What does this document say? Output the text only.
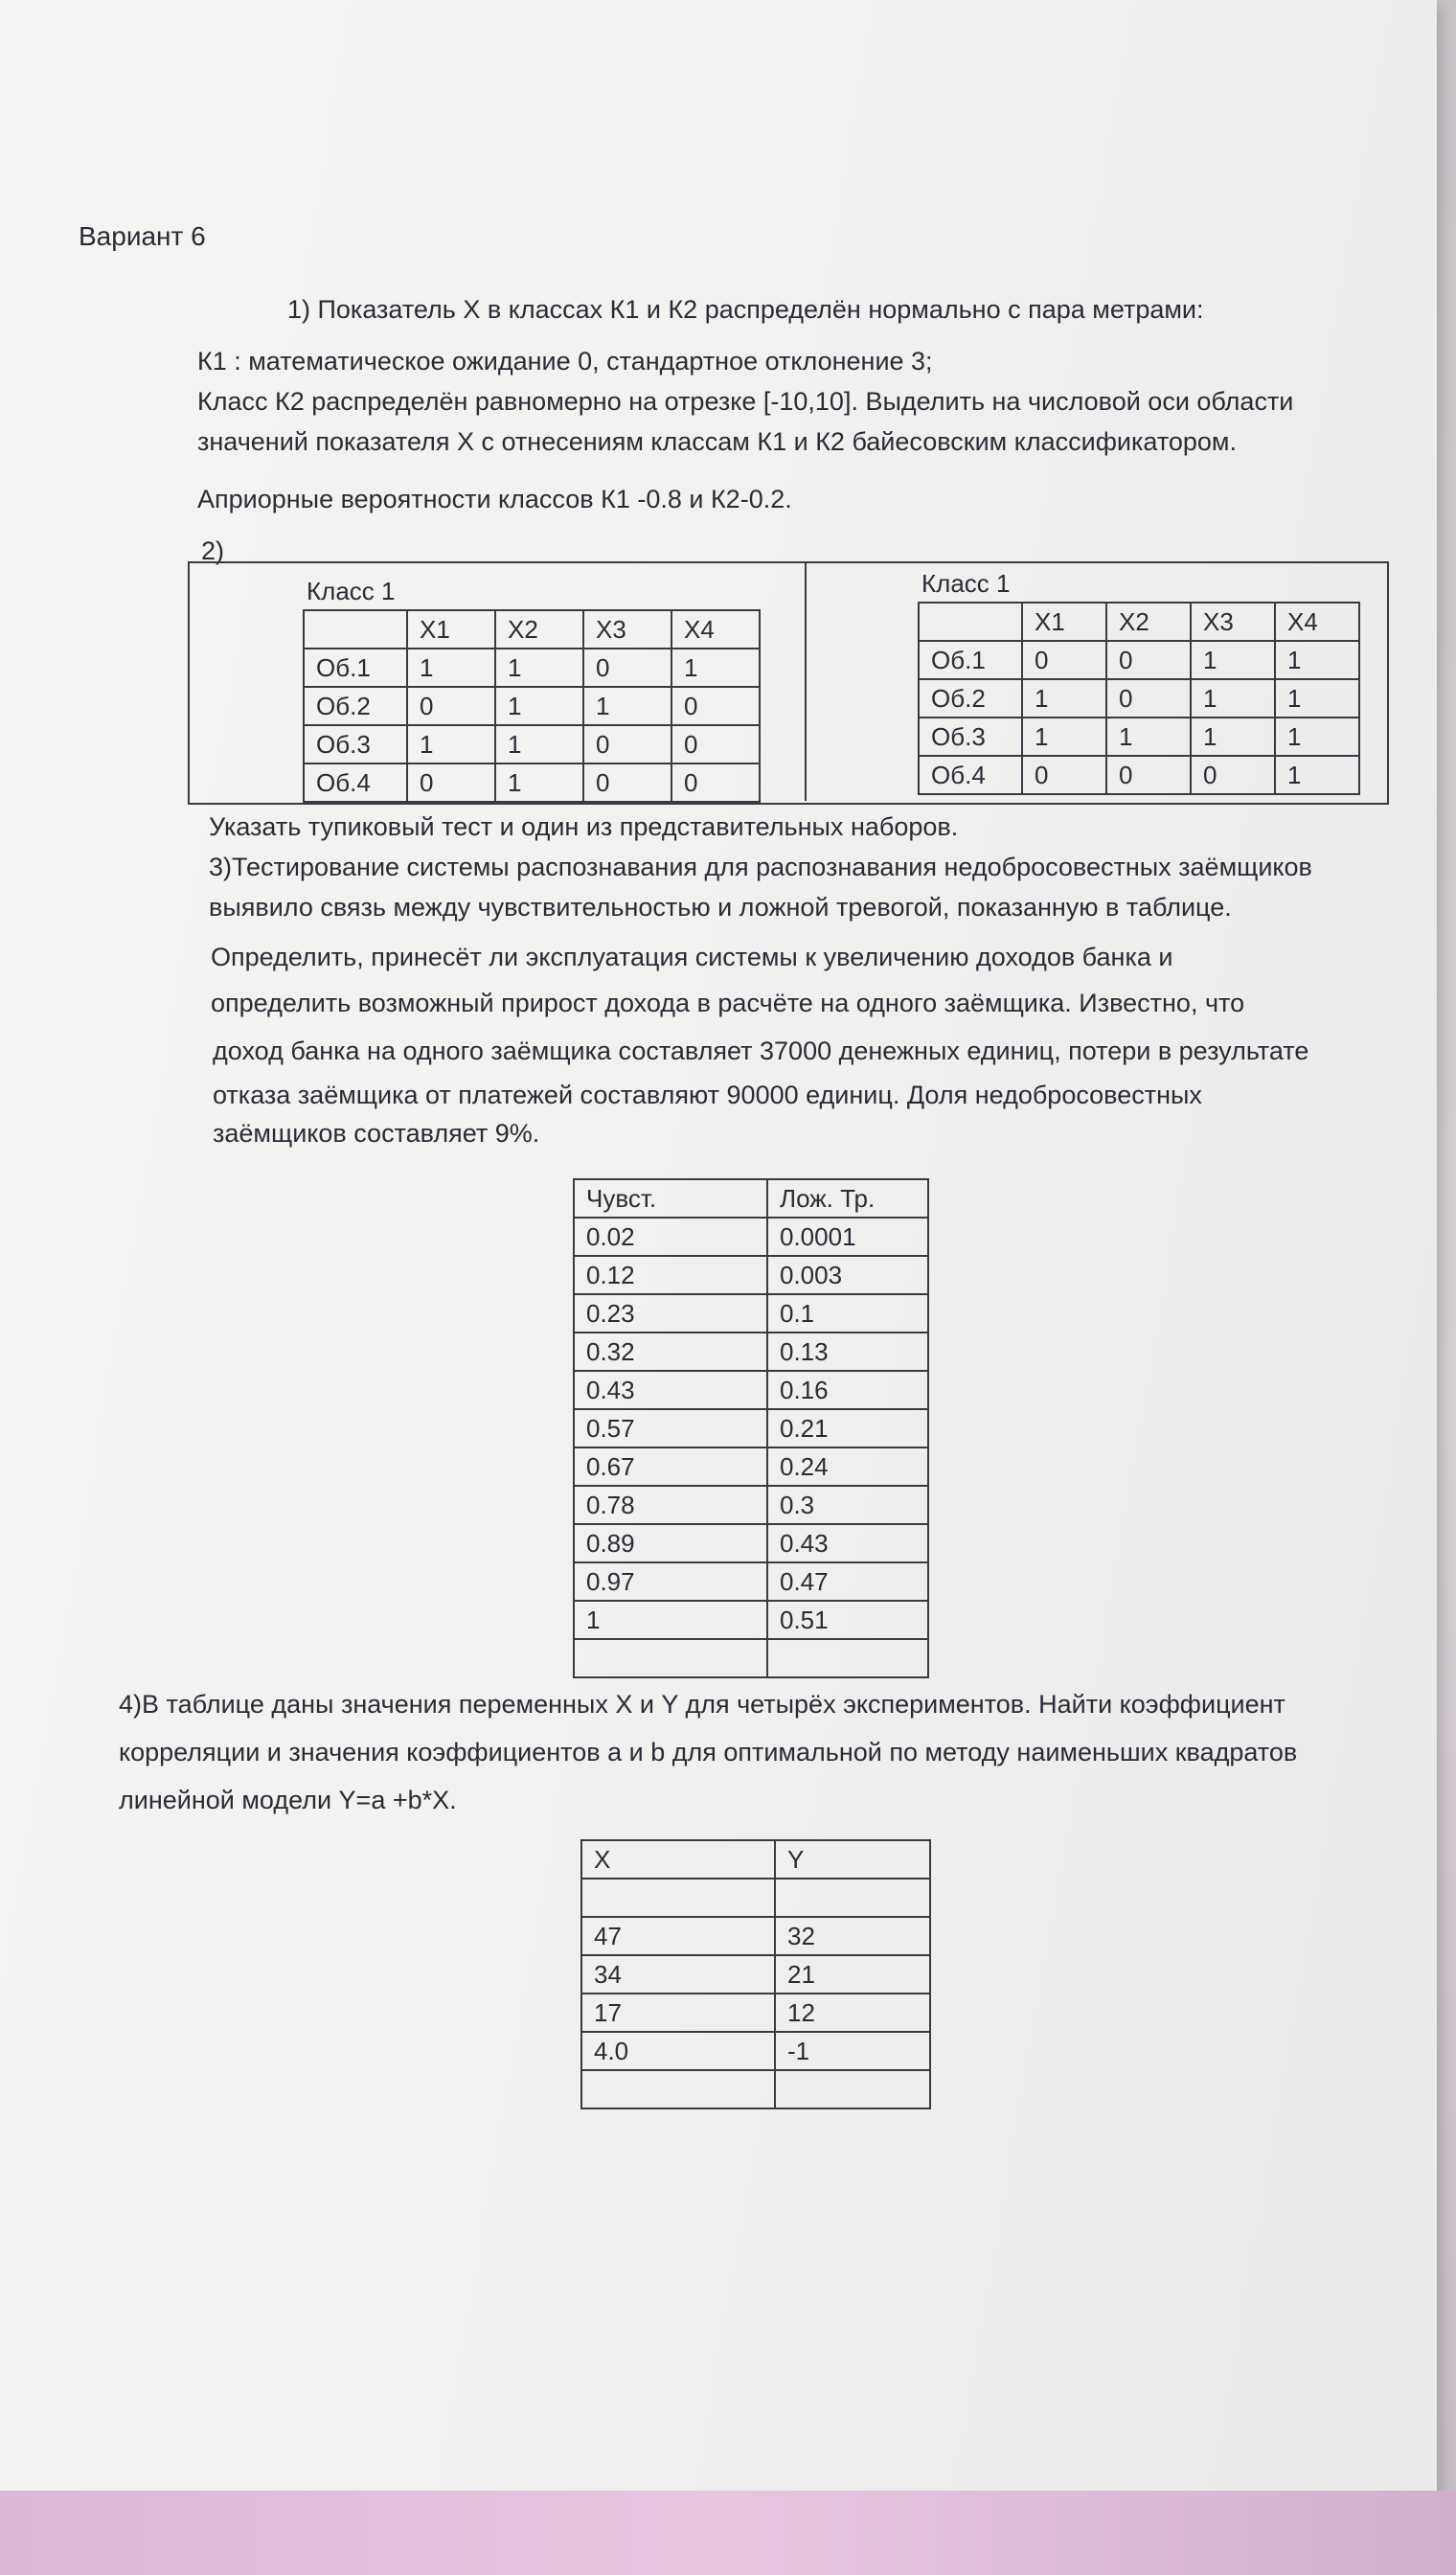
Вариант 6
1) Показатель X в классах К1 и К2 распределён нормально с пара метрами:
К1 : математическое ожидание 0, стандартное отклонение 3;
Класс К2 распределён равномерно на отрезке [-10,10]. Выделить на числовой оси области
значений показателя X с отнесениям классам К1 и К2 байесовским классификатором.
Априорные вероятности классов К1 -0.8 и К2-0.2.
2)
Класс 1
	X1	X2	X3	X4
Об.1	1	1	0	1
Об.2	0	1	1	0
Об.3	1	1	0	0
Об.4	0	1	0	0
Класс 1
	X1	X2	X3	X4
Об.1	0	0	1	1
Об.2	1	0	1	1
Об.3	1	1	1	1
Об.4	0	0	0	1
Указать тупиковый тест и один из представительных наборов.
3)Тестирование системы распознавания для распознавания недобросовестных заёмщиков
выявило связь между чувствительностью и ложной тревогой, показанную в таблице.
Определить, принесёт ли эксплуатация системы к увеличению доходов банка и
определить возможный прирост дохода в расчёте на одного заёмщика. Известно, что
доход банка на одного заёмщика составляет 37000 денежных единиц, потери в результате
отказа заёмщика от платежей составляют 90000 единиц. Доля недобросовестных
заёмщиков составляет 9%.
Чувст.	Лож. Тр.
0.02	0.0001
0.12	0.003
0.23	0.1
0.32	0.13
0.43	0.16
0.57	0.21
0.67	0.24
0.78	0.3
0.89	0.43
0.97	0.47
1	0.51

4)В таблице даны значения переменных X и Y для четырёх экспериментов. Найти коэффициент
корреляции и значения коэффициентов a и b для оптимальной по методу наименьших квадратов
линейной модели Y=a +b*X.
X	Y

47	32
34	21
17	12
4.0	-1
